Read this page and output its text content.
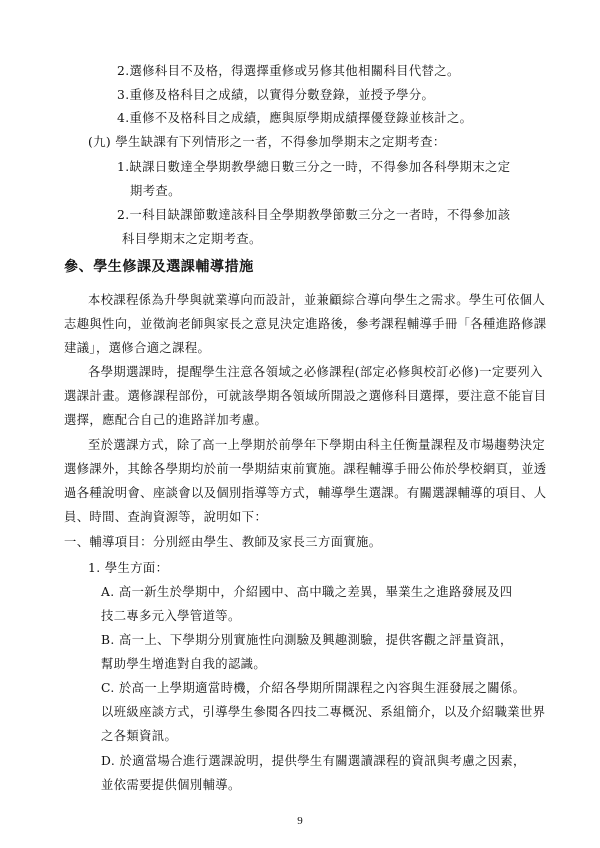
2.選修科目不及格，得選擇重修或另修其他相關科目代替之。
3.重修及格科目之成績，以實得分數登錄，並授予學分。
4.重修不及格科目之成績，應與原學期成績擇優登錄並核計之。
(九) 學生缺課有下列情形之一者，不得參加學期末之定期考查：
1.缺課日數達全學期教學總日數三分之一時，不得參加各科學期末之定
期考查。
2.一科目缺課節數達該科目全學期教學節數三分之一者時，不得參加該
科目學期末之定期考查。
參、學生修課及選課輔導措施
本校課程係為升學與就業導向而設計，並兼顧綜合導向學生之需求。學生可依個人
志趣與性向，並徵詢老師與家長之意見決定進路後，參考課程輔導手冊「各種進路修課
建議」，選修合適之課程。
各學期選課時，提醒學生注意各領域之必修課程(部定必修與校訂必修)一定要列入
選課計畫。選修課程部份，可就該學期各領域所開設之選修科目選擇，要注意不能盲目
選擇，應配合自己的進路詳加考慮。
至於選課方式，除了高一上學期於前學年下學期由科主任衡量課程及市場趨勢決定
選修課外，其餘各學期均於前一學期結束前實施。課程輔導手冊公佈於學校網頁，並透
過各種說明會、座談會以及個別指導等方式，輔導學生選課。有關選課輔導的項目、人
員、時間、查詢資源等，說明如下：
一、輔導項目：分別經由學生、教師及家長三方面實施。
1. 學生方面：
A. 高一新生於學期中，介紹國中、高中職之差異，畢業生之進路發展及四
技二專多元入學管道等。
B. 高一上、下學期分別實施性向測驗及興趣測驗，提供客觀之評量資訊，
幫助學生增進對自我的認識。
C. 於高一上學期適當時機，介紹各學期所開課程之內容與生涯發展之關係。
以班級座談方式，引導學生參閱各四技二專概況、系組簡介，以及介紹職業世界
之各類資訊。
D. 於適當場合進行選課說明，提供學生有關選讀課程的資訊與考慮之因素，
並依需要提供個別輔導。
9
